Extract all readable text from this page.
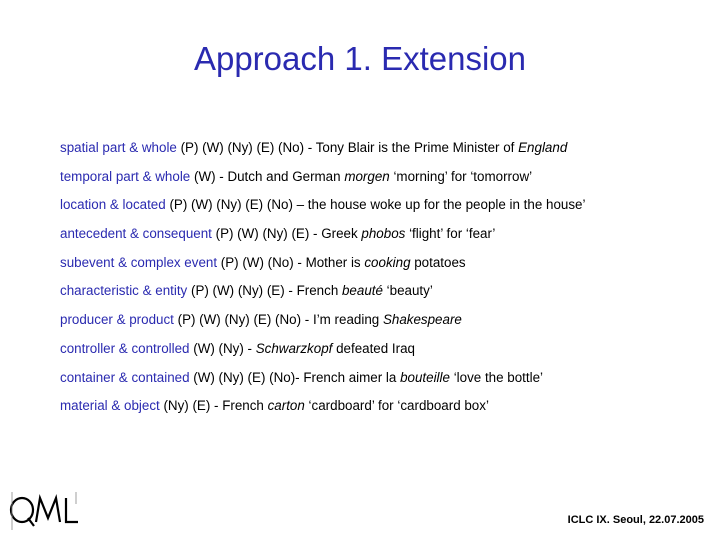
Approach 1. Extension
spatial part & whole (P) (W) (Ny) (E) (No) - Tony Blair is the Prime Minister of England
temporal part & whole (W) - Dutch and German morgen ‘morning’ for ‘tomorrow’
location & located (P) (W) (Ny) (E) (No) – the house woke up for the people in the house’
antecedent & consequent (P) (W) (Ny) (E) - Greek phobos ‘flight’ for ‘fear’
subevent & complex event (P) (W) (No) - Mother is cooking potatoes
characteristic & entity (P) (W) (Ny) (E) - French beauté ‘beauty’
producer & product (P) (W) (Ny) (E) (No) - I’m reading Shakespeare
controller & controlled (W) (Ny) - Schwarzkopf defeated Iraq
container & contained (W) (Ny) (E) (No)- French aimer la bouteille ‘love the bottle’
material & object (Ny) (E) - French carton ‘cardboard’ for ‘cardboard box’
ICLC IX. Seoul, 22.07.2005
